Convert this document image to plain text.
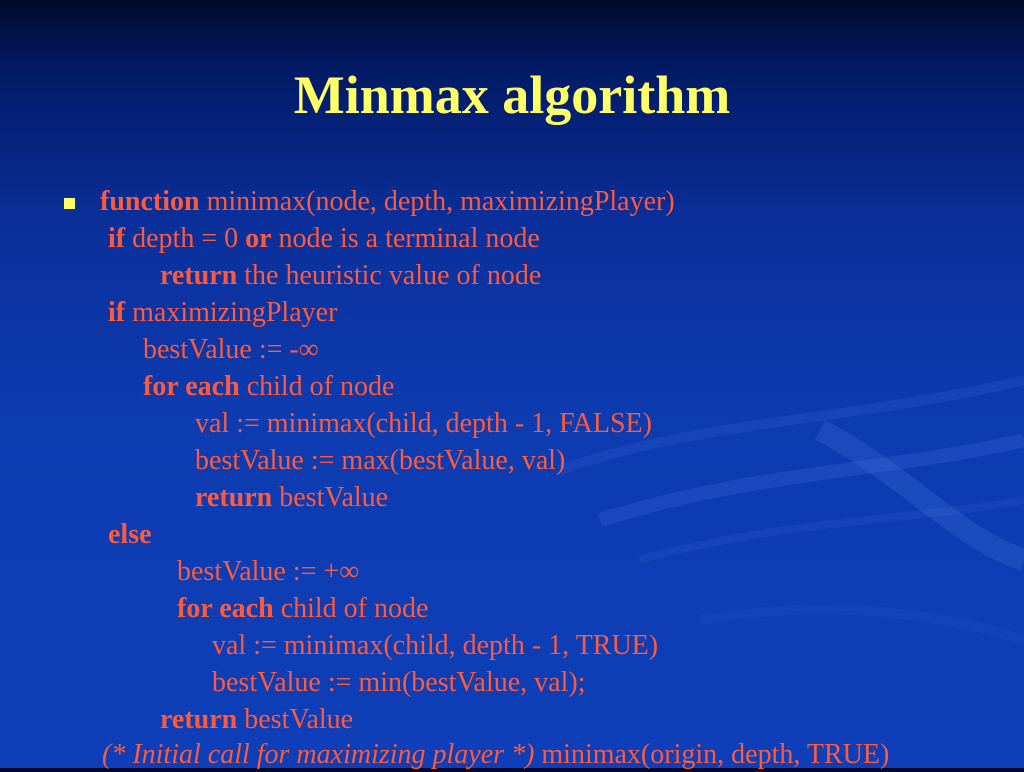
Minmax algorithm
function minimax(node, depth, maximizingPlayer)
if depth = 0 or node is a terminal node
return the heuristic value of node
if maximizingPlayer
bestValue := -∞
for each child of node
val := minimax(child, depth - 1, FALSE)
bestValue := max(bestValue, val)
return bestValue
else
bestValue := +∞
for each child of node
val := minimax(child, depth - 1, TRUE)
bestValue := min(bestValue, val);
return bestValue
(* Initial call for maximizing player *) minimax(origin, depth, TRUE)
